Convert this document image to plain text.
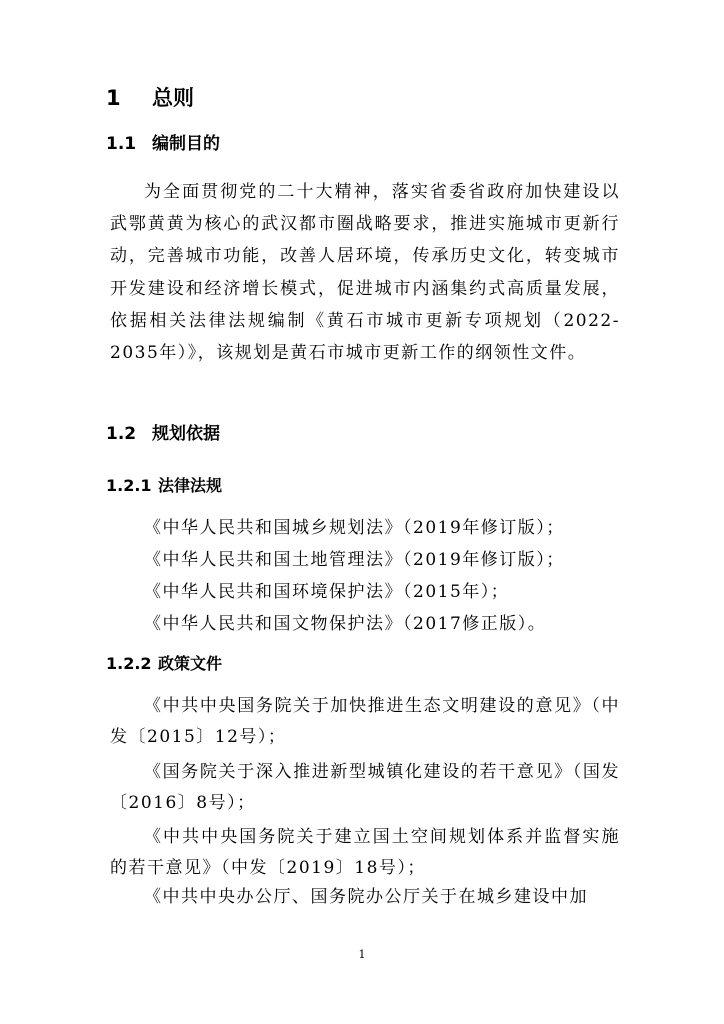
1 总则
1.1 编制目的
为全面贯彻党的二十大精神，落实省委省政府加快建设以武鄂黄黄为核心的武汉都市圈战略要求，推进实施城市更新行动，完善城市功能，改善人居环境，传承历史文化，转变城市开发建设和经济增长模式，促进城市内涵集约式高质量发展，依据相关法律法规编制《黄石市城市更新专项规划（2022-2035年）》，该规划是黄石市城市更新工作的纲领性文件。
1.2 规划依据
1.2.1 法律法规
《中华人民共和国城乡规划法》（2019年修订版）；
《中华人民共和国土地管理法》（2019年修订版）；
《中华人民共和国环境保护法》（2015年）；
《中华人民共和国文物保护法》（2017修正版）。
1.2.2 政策文件
《中共中央国务院关于加快推进生态文明建设的意见》（中发〔2015〕12号）；
《国务院关于深入推进新型城镇化建设的若干意见》（国发〔2016〕8号）；
《中共中央国务院关于建立国土空间规划体系并监督实施的若干意见》（中发〔2019〕18号）；
《中共中央办公厅、国务院办公厅关于在城乡建设中加
1
